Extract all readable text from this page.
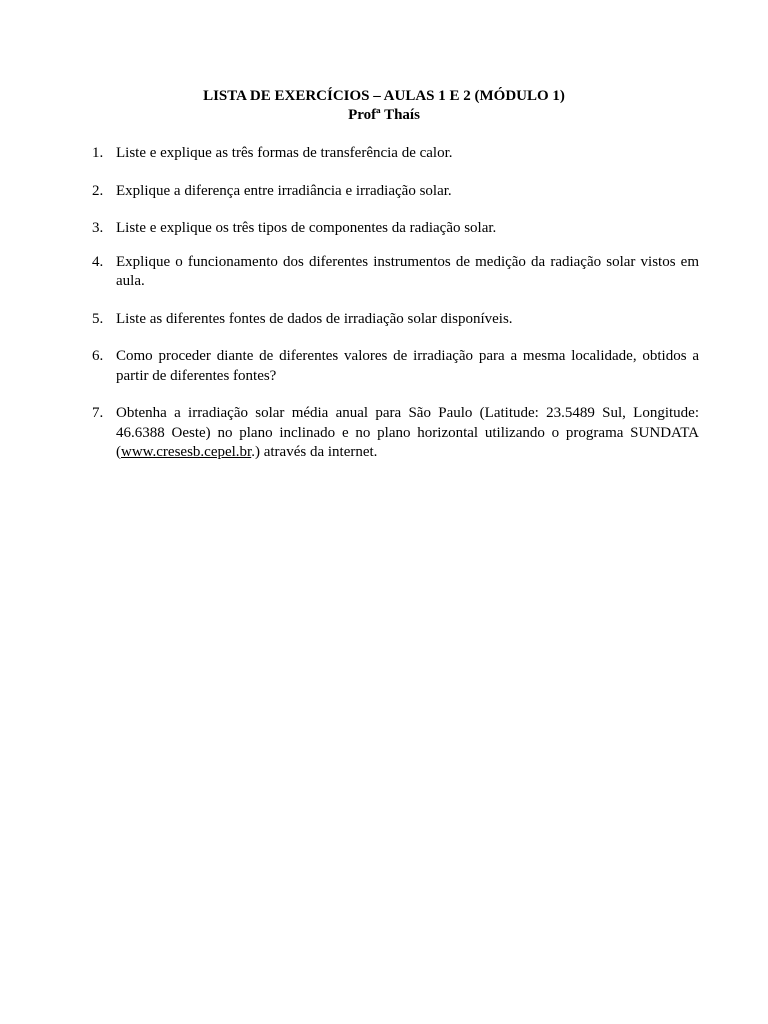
LISTA DE EXERCÍCIOS – AULAS 1 E 2 (MÓDULO 1)
Profª Thaís
1. Liste e explique as três formas de transferência de calor.
2. Explique a diferença entre irradiância e irradiação solar.
3. Liste e explique os três tipos de componentes da radiação solar.
4. Explique o funcionamento dos diferentes instrumentos de medição da radiação solar vistos em aula.
5. Liste as diferentes fontes de dados de irradiação solar disponíveis.
6. Como proceder diante de diferentes valores de irradiação para a mesma localidade, obtidos a partir de diferentes fontes?
7. Obtenha a irradiação solar média anual para São Paulo (Latitude: 23.5489 Sul, Longitude: 46.6388 Oeste) no plano inclinado e no plano horizontal utilizando o programa SUNDATA (www.cresesb.cepel.br.) através da internet.
